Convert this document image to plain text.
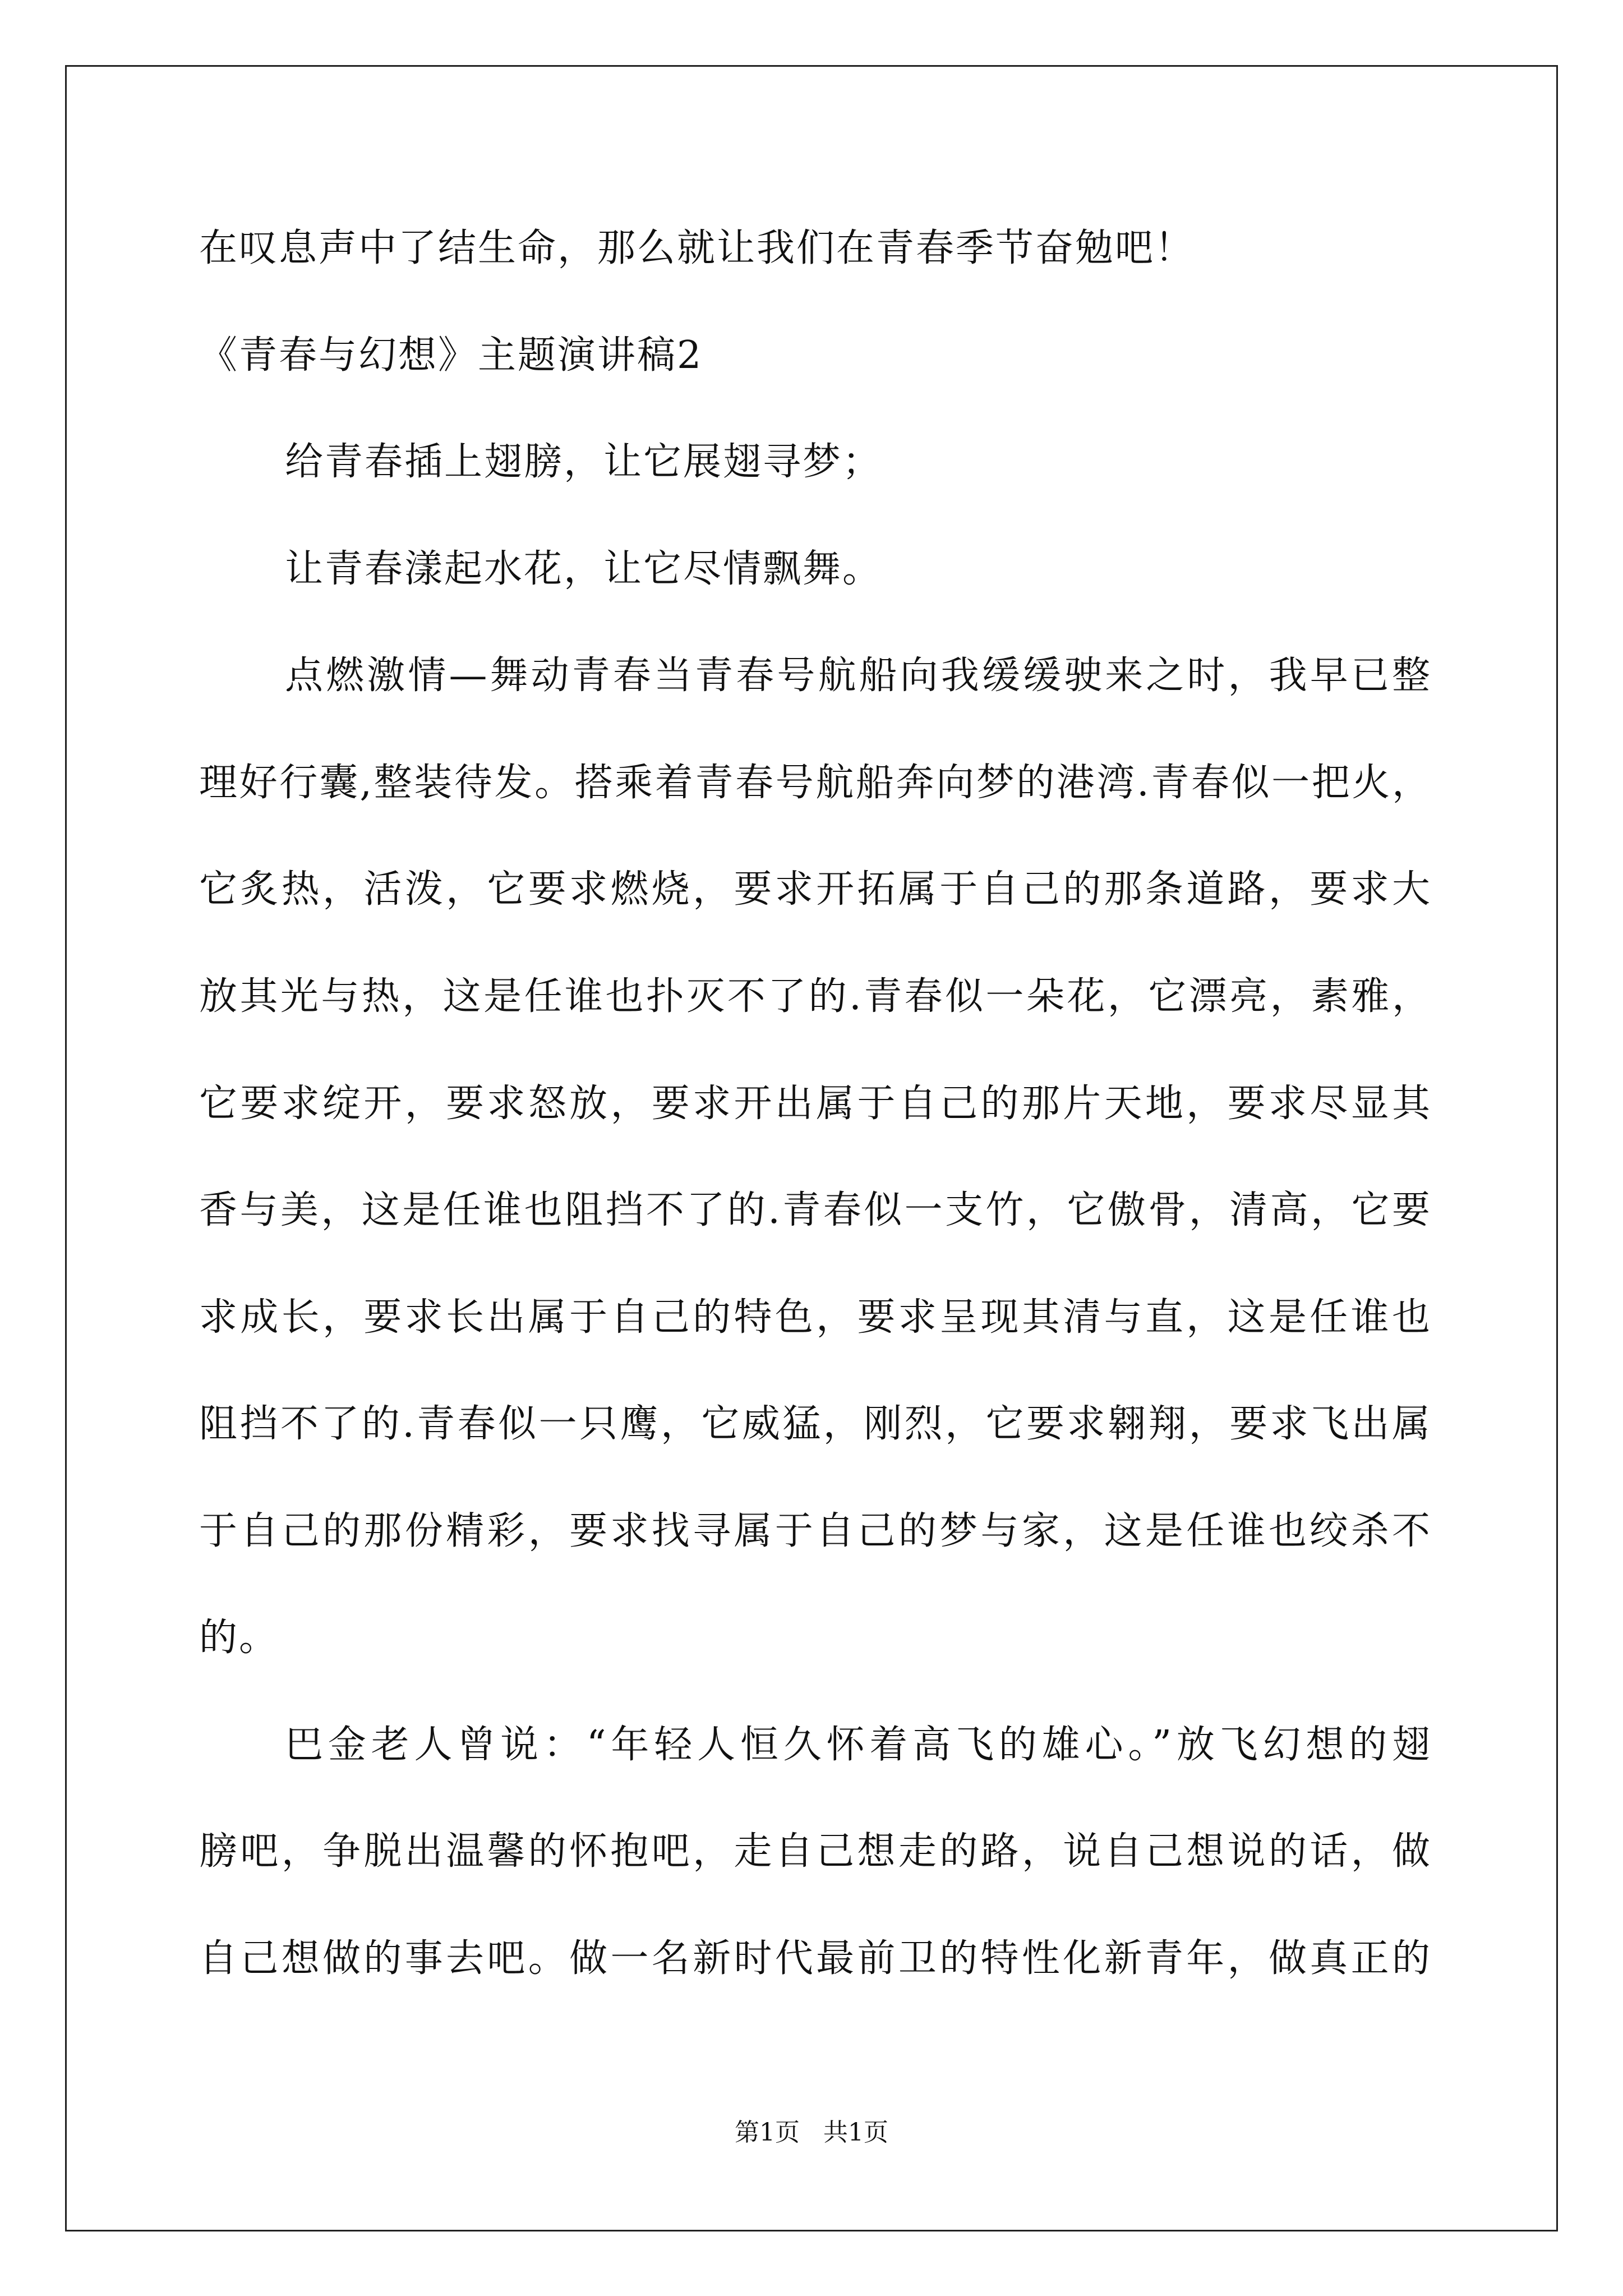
在叹息声中了结生命，那么就让我们在青春季节奋勉吧！
《青春与幻想》主题演讲稿2
给青春插上翅膀，让它展翅寻梦；
让青春漾起水花，让它尽情飘舞。
点燃激情—舞动青春当青春号航船向我缓缓驶来之时，我早已整
理好行囊,整装待发。搭乘着青春号航船奔向梦的港湾.青春似一把火，
它炙热，活泼，它要求燃烧，要求开拓属于自己的那条道路，要求大
放其光与热，这是任谁也扑灭不了的.青春似一朵花，它漂亮，素雅，
它要求绽开，要求怒放，要求开出属于自己的那片天地，要求尽显其
香与美，这是任谁也阻挡不了的.青春似一支竹，它傲骨，清高，它要
求成长，要求长出属于自己的特色，要求呈现其清与直，这是任谁也
阻挡不了的.青春似一只鹰，它威猛，刚烈，它要求翱翔，要求飞出属
于自己的那份精彩，要求找寻属于自己的梦与家，这是任谁也绞杀不
的。
巴金老人曾说：“年轻人恒久怀着高飞的雄心。”放飞幻想的翅
膀吧，争脱出温馨的怀抱吧，走自己想走的路，说自己想说的话，做
自己想做的事去吧。做一名新时代最前卫的特性化新青年，做真正的
第1页   共1页
